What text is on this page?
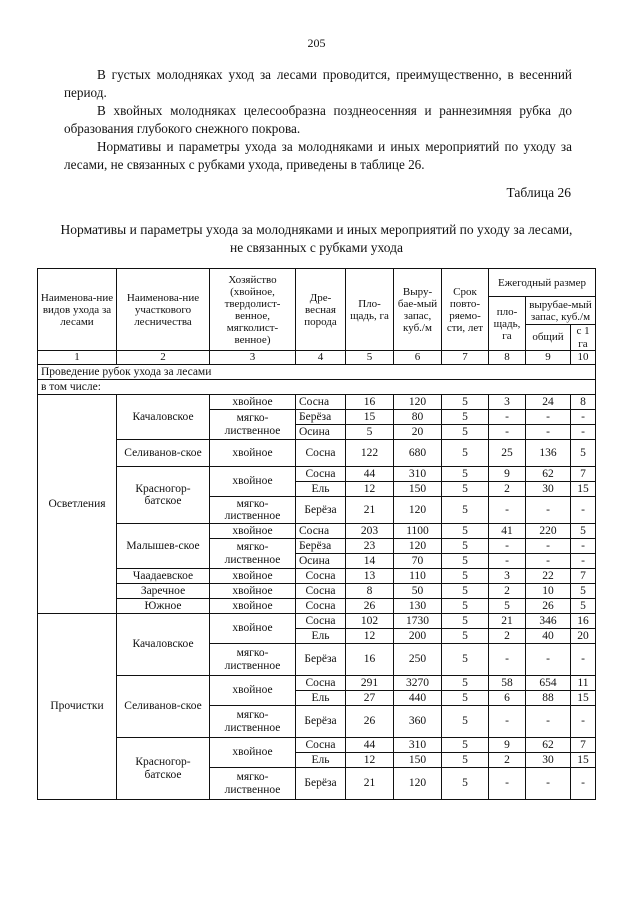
205

В густых молодняках уход за лесами проводится, преимущественно, в весенний период.

В хвойных молодняках целесообразна позднеосенняя и раннезимняя рубка до образования глубокого снежного покрова.

Нормативы и параметры ухода за молодняками и иных мероприятий по уходу за лесами, не связанных с рубками ухода, приведены в таблице 26.

Таблица 26
Нормативы и параметры ухода за молодняками и иных мероприятий по уходу за лесами, не связанных с рубками ухода
Наименова-ние видов ухода за лесами	Наименова-ние участкового лесничества	Хозяйство (хвойное, твердолист-венное, мягколист-венное)	Дре-весная порода	Пло-щадь, га	Выру-бае-мый запас, куб./м	Срок повто-ряемо-сти, лет	Ежегодный размер		
							пло-щадь, га	вырубае-мый запас, куб./м	
								общий	с 1 га
1	2	3	4	5	6	7	8	9	10
Проведение рубок ухода за лесами									
в том числе:									
Осветления	Качаловское	хвойное	Сосна	16	120	5	3	24	8
		мягко-лиственное	Берёза	15	80	5	-	-	-
			Осина	5	20	5	-	-	-
	Селиванов-ское	хвойное	Сосна	122	680	5	25	136	5
	Красногор-батское	хвойное	Сосна	44	310	5	9	62	7
			Ель	12	150	5	2	30	15
		мягко-лиственное	Берёза	21	120	5	-	-	-
	Малышев-ское	хвойное	Сосна	203	1100	5	41	220	5
		мягко-лиственное	Берёза	23	120	5	-	-	-
			Осина	14	70	5	-	-	-
	Чаадаевское	хвойное	Сосна	13	110	5	3	22	7
	Заречное	хвойное	Сосна	8	50	5	2	10	5
	Южное	хвойное	Сосна	26	130	5	5	26	5
Прочистки	Качаловское	хвойное	Сосна	102	1730	5	21	346	16
			Ель	12	200	5	2	40	20
		мягко-лиственное	Берёза	16	250	5	-	-	-
	Селиванов-ское	хвойное	Сосна	291	3270	5	58	654	11
			Ель	27	440	5	6	88	15
		мягко-лиственное	Берёза	26	360	5	-	-	-
	Красногор-батское	хвойное	Сосна	44	310	5	9	62	7
			Ель	12	150	5	2	30	15
		мягко-лиственное	Берёза	21	120	5	-	-	-
